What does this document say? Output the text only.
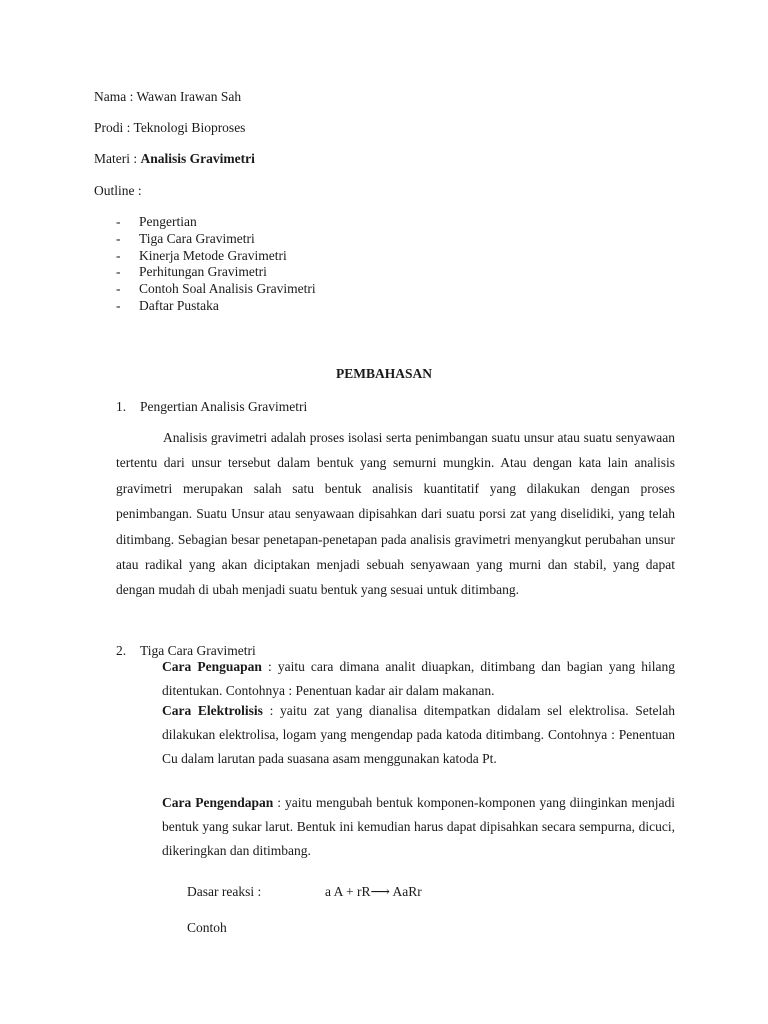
Nama : Wawan Irawan Sah
Prodi : Teknologi Bioproses
Materi : Analisis Gravimetri
Outline :
- Pengertian
- Tiga Cara Gravimetri
- Kinerja Metode Gravimetri
- Perhitungan Gravimetri
- Contoh Soal Analisis Gravimetri
- Daftar Pustaka
PEMBAHASAN
1. Pengertian Analisis Gravimetri
Analisis gravimetri adalah proses isolasi serta penimbangan suatu unsur atau suatu senyawaan tertentu dari unsur tersebut dalam bentuk yang semurni mungkin. Atau dengan kata lain analisis gravimetri merupakan salah satu bentuk analisis kuantitatif yang dilakukan dengan proses penimbangan. Suatu Unsur atau senyawaan dipisahkan dari suatu porsi zat yang diselidiki, yang telah ditimbang. Sebagian besar penetapan-penetapan pada analisis gravimetri menyangkut perubahan unsur atau radikal yang akan diciptakan menjadi sebuah senyawaan yang murni dan stabil, yang dapat dengan mudah di ubah menjadi suatu bentuk yang sesuai untuk ditimbang.
2. Tiga Cara Gravimetri
Cara Penguapan : yaitu cara dimana analit diuapkan, ditimbang dan bagian yang hilang ditentukan. Contohnya : Penentuan kadar air dalam makanan.
Cara Elektrolisis : yaitu zat yang dianalisa ditempatkan didalam sel elektrolisa. Setelah dilakukan elektrolisa, logam yang mengendap pada katoda ditimbang. Contohnya : Penentuan Cu dalam larutan pada suasana asam menggunakan katoda Pt.
Cara Pengendapan : yaitu mengubah bentuk komponen-komponen yang diinginkan menjadi bentuk yang sukar larut. Bentuk ini kemudian harus dapat dipisahkan secara sempurna, dicuci, dikeringkan dan ditimbang.
Dasar reaksi :	a A + rR⟶ AaRr
Contoh
